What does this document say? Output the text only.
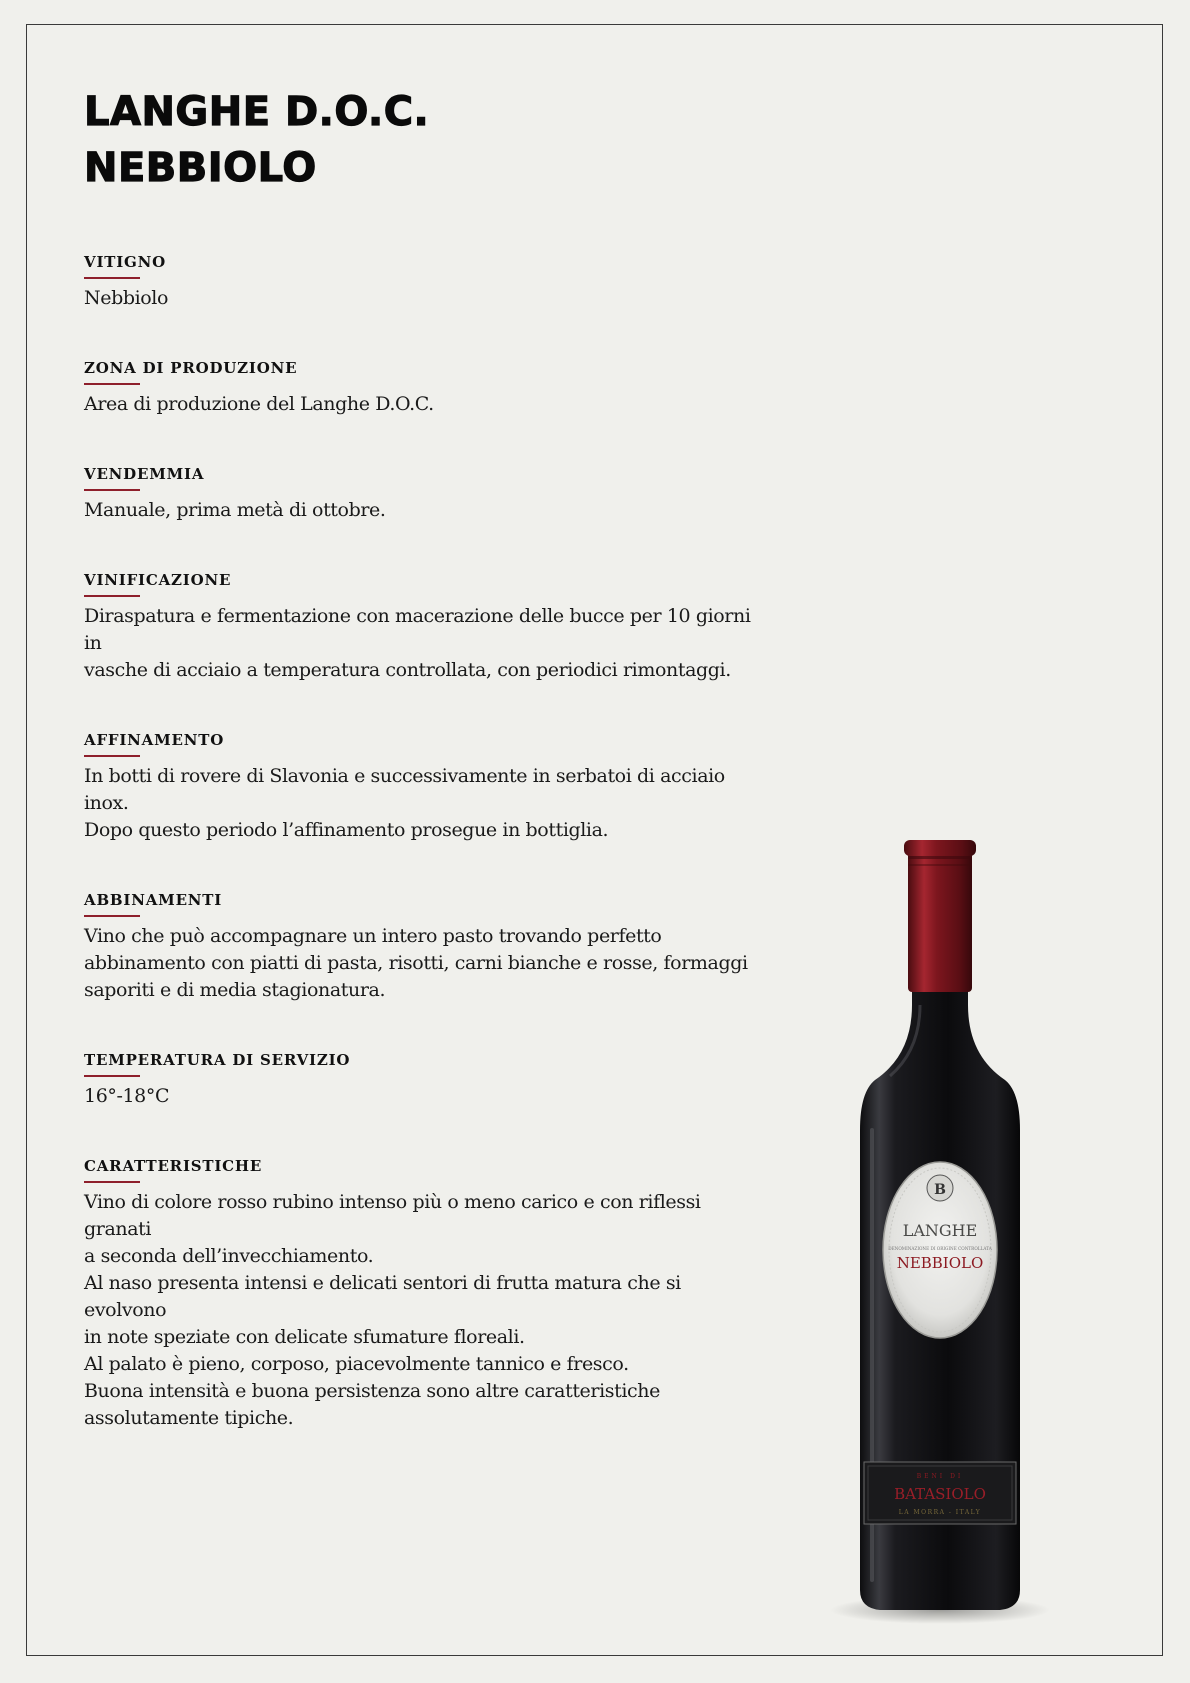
LANGHE D.O.C.
NEBBIOLO
VITIGNO

Nebbiolo

ZONA DI PRODUZIONE

Area di produzione del Langhe D.O.C.

VENDEMMIA

Manuale, prima metà di ottobre.

VINIFICAZIONE

Diraspatura e fermentazione con macerazione delle bucce per 10 giorni in
vasche di acciaio a temperatura controllata, con periodici rimontaggi.

AFFINAMENTO

In botti di rovere di Slavonia e successivamente in serbatoi di acciaio inox.
Dopo questo periodo l’affinamento prosegue in bottiglia.

ABBINAMENTI

Vino che può accompagnare un intero pasto trovando perfetto
abbinamento con piatti di pasta, risotti, carni bianche e rosse, formaggi
saporiti e di media stagionatura.

TEMPERATURA DI SERVIZIO

16°-18°C

CARATTERISTICHE

Vino di colore rosso rubino intenso più o meno carico e con riflessi granati
a seconda dell’invecchiamento.
Al naso presenta intensi e delicati sentori di frutta matura che si evolvono
in note speziate con delicate sfumature floreali.
Al palato è pieno, corposo, piacevolmente tannico e fresco.
Buona intensità e buona persistenza sono altre caratteristiche
assolutamente tipiche.

B
LANGHE
DENOMINAZIONE DI ORIGINE CONTROLLATA
NEBBIOLO
BENI DI
BATASIOLO
LA MORRA - ITALY
